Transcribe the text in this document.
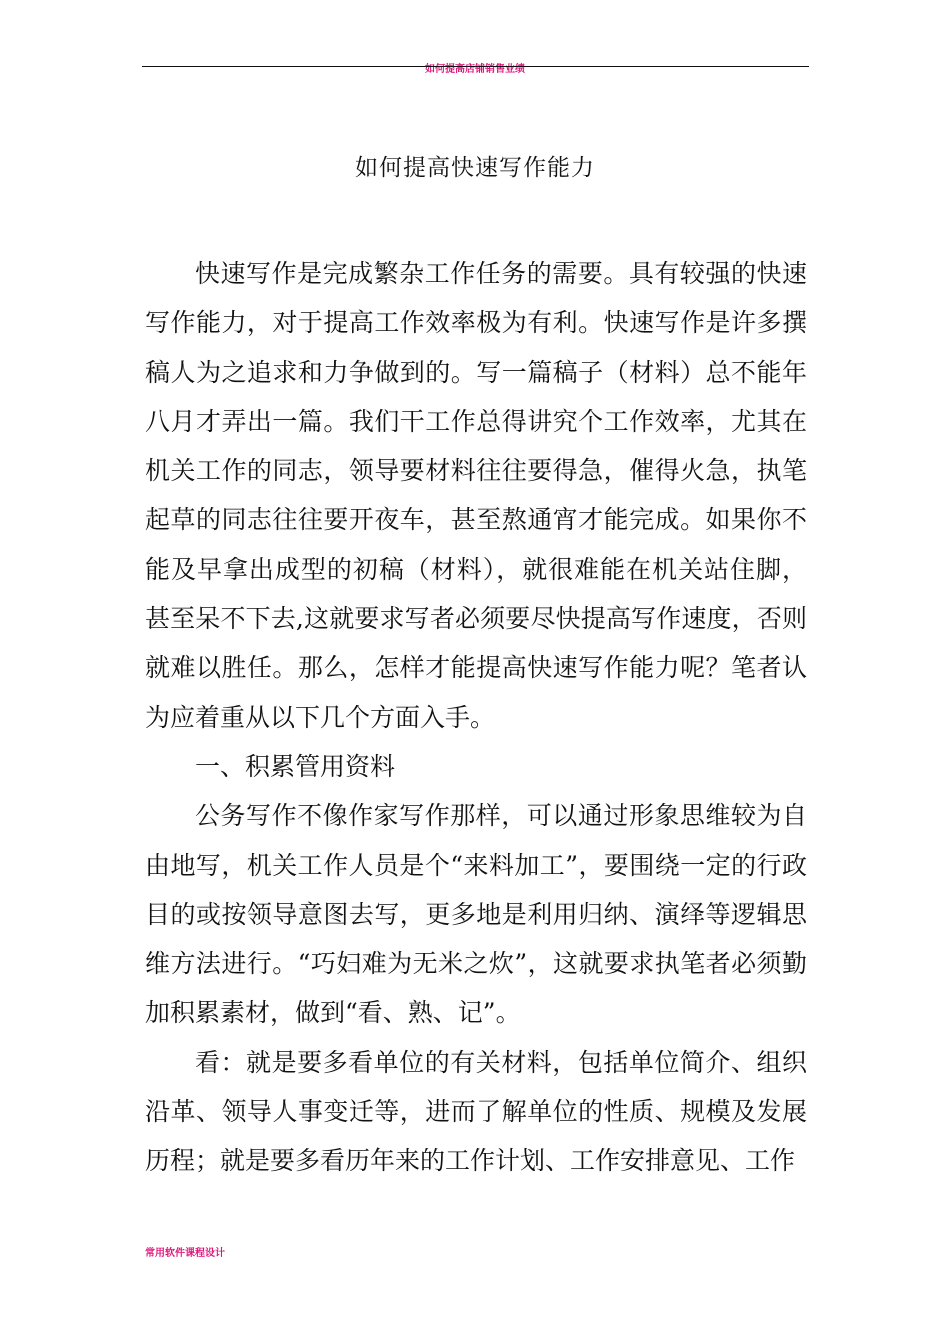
如何提高店铺销售业绩
如何提高快速写作能力

快速写作是完成繁杂工作任务的需要。具有较强的快速写作能力，对于提高工作效率极为有利。快速写作是许多撰稿人为之追求和力争做到的。写一篇稿子（材料）总不能年八月才弄出一篇。我们干工作总得讲究个工作效率，尤其在机关工作的同志，领导要材料往往要得急，催得火急，执笔起草的同志往往要开夜车，甚至熬通宵才能完成。如果你不能及早拿出成型的初稿（材料），就很难能在机关站住脚，甚至呆不下去,这就要求写者必须要尽快提高写作速度，否则就难以胜任。那么，怎样才能提高快速写作能力呢？笔者认为应着重从以下几个方面入手。

一、积累管用资料

公务写作不像作家写作那样，可以通过形象思维较为自由地写，机关工作人员是个“来料加工”，要围绕一定的行政目的或按领导意图去写，更多地是利用归纳、演绎等逻辑思维方法进行。“巧妇难为无米之炊”，这就要求执笔者必须勤加积累素材，做到“看、熟、记”。

看：就是要多看单位的有关材料，包括单位简介、组织沿革、领导人事变迁等，进而了解单位的性质、规模及发展历程；就是要多看历年来的工作计划、工作安排意见、工作

常用软件课程设计
